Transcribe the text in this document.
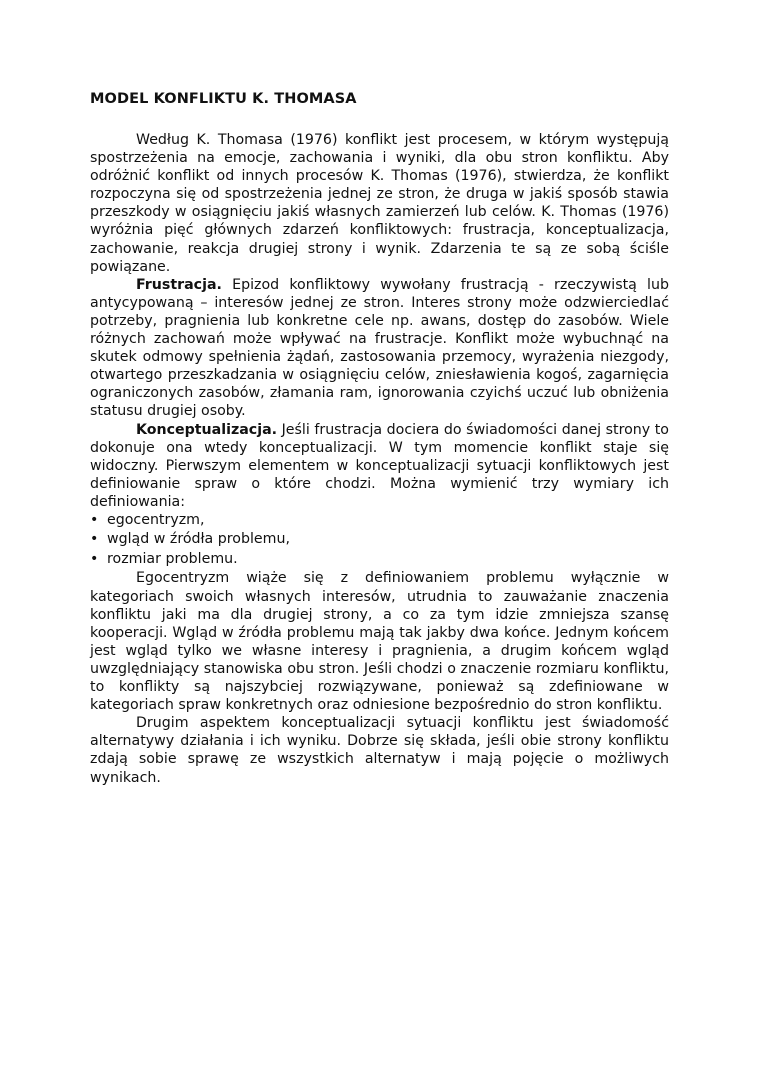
MODEL KONFLIKTU K. THOMASA

Według K. Thomasa (1976) konflikt jest procesem, w którym występują spostrzeżenia na emocje, zachowania i wyniki, dla obu stron konfliktu. Aby odróżnić konflikt od innych procesów K. Thomas (1976), stwierdza, że konflikt rozpoczyna się od spostrzeżenia jednej ze stron, że druga w jakiś sposób stawia przeszkody w osiągnięciu jakiś własnych zamierzeń lub celów. K. Thomas (1976) wyróżnia pięć głównych zdarzeń konfliktowych: frustracja, konceptualizacja, zachowanie, reakcja drugiej strony i wynik. Zdarzenia te są ze sobą ściśle powiązane.

Frustracja. Epizod konfliktowy wywołany frustracją - rzeczywistą lub antycypowaną – interesów jednej ze stron. Interes strony może odzwierciedlać potrzeby, pragnienia lub konkretne cele np. awans, dostęp do zasobów. Wiele różnych zachowań może wpływać na frustracje. Konflikt może wybuchnąć na skutek odmowy spełnienia żądań, zastosowania przemocy, wyrażenia niezgody, otwartego przeszkadzania w osiągnięciu celów, zniesławienia kogoś, zagarnięcia ograniczonych zasobów, złamania ram, ignorowania czyichś uczuć lub obniżenia statusu drugiej osoby.

Konceptualizacja. Jeśli frustracja dociera do świadomości danej strony to dokonuje ona wtedy konceptualizacji. W tym momencie konflikt staje się widoczny. Pierwszym elementem w konceptualizacji sytuacji konfliktowych jest definiowanie spraw o które chodzi. Można wymienić trzy wymiary ich definiowania:

• egocentryzm,
• wgląd w źródła problemu,
• rozmiar problemu.

Egocentryzm wiąże się z definiowaniem problemu wyłącznie w kategoriach swoich własnych interesów, utrudnia to zauważanie znaczenia konfliktu jaki ma dla drugiej strony, a co za tym idzie zmniejsza szansę kooperacji. Wgląd w źródła problemu mają tak jakby dwa końce. Jednym końcem jest wgląd tylko we własne interesy i pragnienia, a drugim końcem wgląd uwzględniający stanowiska obu stron. Jeśli chodzi o znaczenie rozmiaru konfliktu, to konflikty są najszybciej rozwiązywane, ponieważ są zdefiniowane w kategoriach spraw konkretnych oraz odniesione bezpośrednio do stron konfliktu.

Drugim aspektem konceptualizacji sytuacji konfliktu jest świadomość alternatywy działania i ich wyniku. Dobrze się składa, jeśli obie strony konfliktu zdają sobie sprawę ze wszystkich alternatyw i mają pojęcie o możliwych wynikach.
